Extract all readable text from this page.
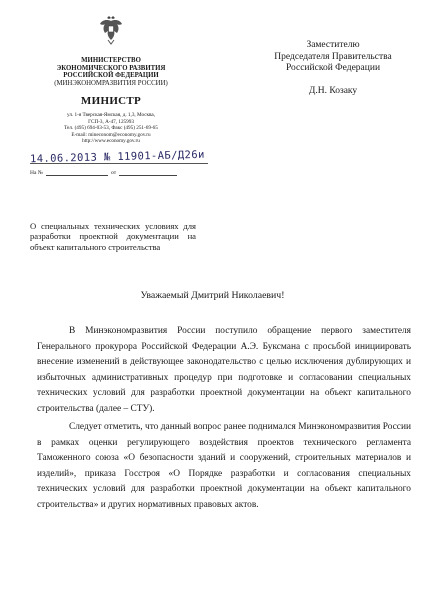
МИНИСТЕРСТВО
ЭКОНОМИЧЕСКОГО РАЗВИТИЯ
РОССИЙСКОЙ ФЕДЕРАЦИИ
(МИНЭКОНОМРАЗВИТИЯ РОССИИ)
МИНИСТР
ул. 1-я Тверская-Ямская, д. 1,3, Москва,
ГСП-3, А-47, 125993
Тел. (495) 694-03-53, Факс (495) 251-69-65
E-mail: mineconom@economy.gov.ru
http://www.economy.gov.ru
14.06.2013 № 11901-АБ/Д26и
На №	от
Заместителю
Председателя Правительства
Российской Федерации
Д.Н. Козаку
О специальных технических условиях для разработки проектной документации на объект капитального строительства
Уважаемый Дмитрий Николаевич!

В Минэкономразвития России поступило обращение первого заместителя Генерального прокурора Российской Федерации А.Э. Буксмана с просьбой инициировать внесение изменений в действующее законодательство с целью исключения дублирующих и избыточных административных процедур при подготовке и согласовании специальных технических условий для разработки проектной документации на объект капитального строительства (далее – СТУ).

Следует отметить, что данный вопрос ранее поднимался Минэкономразвития России в рамках оценки регулирующего воздействия проектов технического регламента Таможенного союза «О безопасности зданий и сооружений, строительных материалов и изделий», приказа Госстроя «О Порядке разработки и согласования специальных технических условий для разработки проектной документации на объект капитального строительства» и других нормативных правовых актов.
